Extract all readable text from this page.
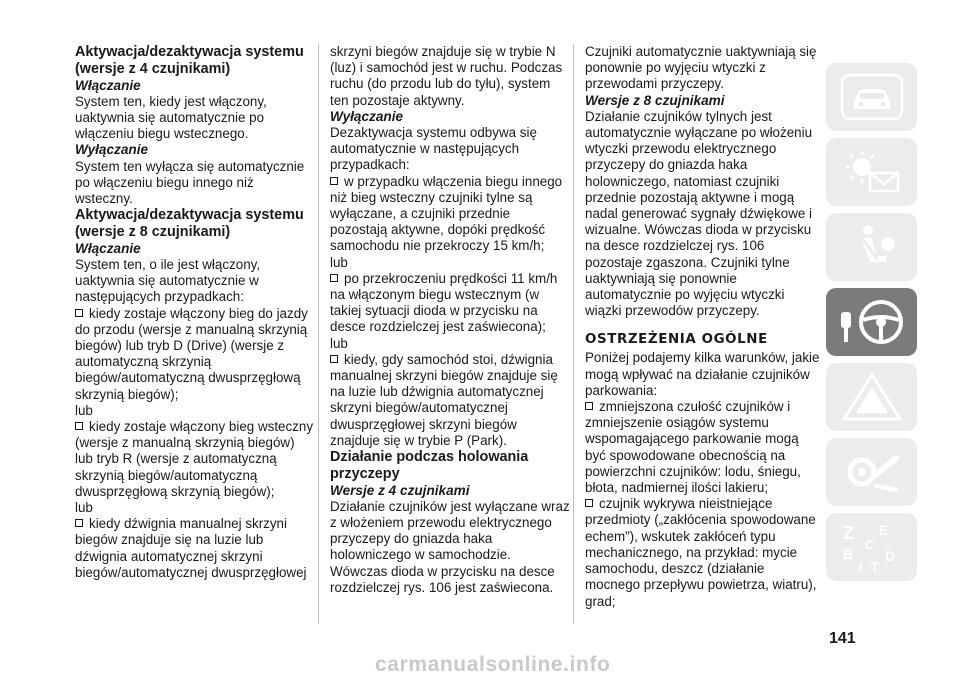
Aktywacja/dezaktywacja systemu (wersje z 4 czujnikami)
Włączanie

System ten, kiedy jest włączony, uaktywnia się automatycznie po włączeniu biegu wstecznego.

Wyłączanie

System ten wyłącza się automatycznie po włączeniu biegu innego niż wsteczny.

Aktywacja/dezaktywacja systemu (wersje z 8 czujnikami)
Włączanie

System ten, o ile jest włączony, uaktywnia się automatycznie w następujących przypadkach:

kiedy zostaje włączony bieg do jazdy do przodu (wersje z manualną skrzynią biegów) lub tryb D (Drive) (wersje z automatyczną skrzynią biegów/automatyczną dwusprzęgłową skrzynią biegów);

lub

kiedy zostaje włączony bieg wsteczny (wersje z manualną skrzynią biegów) lub tryb R (wersje z automatyczną skrzynią biegów/automatyczną dwusprzęgłową skrzynią biegów);

lub

kiedy dźwignia manualnej skrzyni biegów znajduje się na luzie lub dźwignia automatycznej skrzyni biegów/automatycznej dwusprzęgłowej

skrzyni biegów znajduje się w trybie N (luz) i samochód jest w ruchu. Podczas ruchu (do przodu lub do tyłu), system ten pozostaje aktywny.

Wyłączanie

Dezaktywacja systemu odbywa się automatycznie w następujących przypadkach:

w przypadku włączenia biegu innego niż bieg wsteczny czujniki tylne są wyłączane, a czujniki przednie pozostają aktywne, dopóki prędkość samochodu nie przekroczy 15 km/h;

lub

po przekroczeniu prędkości 11 km/h na włączonym biegu wstecznym (w takiej sytuacji dioda w przycisku na desce rozdzielczej jest zaświecona);

lub

kiedy, gdy samochód stoi, dźwignia manualnej skrzyni biegów znajduje się na luzie lub dźwignia automatycznej skrzyni biegów/automatycznej dwusprzęgłowej skrzyni biegów znajduje się w trybie P (Park).

Działanie podczas holowania przyczepy
Wersje z 4 czujnikami

Działanie czujników jest wyłączane wraz z włożeniem przewodu elektrycznego przyczepy do gniazda haka holowniczego w samochodzie. Wówczas dioda w przycisku na desce rozdzielczej rys. 106 jest zaświecona.

Czujniki automatycznie uaktywniają się ponownie po wyjęciu wtyczki z przewodami przyczepy.

Wersje z 8 czujnikami

Działanie czujników tylnych jest automatycznie wyłączane po włożeniu wtyczki przewodu elektrycznego przyczepy do gniazda haka holowniczego, natomiast czujniki przednie pozostają aktywne i mogą nadal generować sygnały dźwiękowe i wizualne. Wówczas dioda w przycisku na desce rozdzielczej rys. 106 pozostaje zgaszona. Czujniki tylne uaktywniają się ponownie automatycznie po wyjęciu wtyczki wiązki przewodów przyczepy.

OSTRZEŻENIA OGÓLNE

Poniżej podajemy kilka warunków, jakie mogą wpływać na działanie czujników parkowania:

zmniejszona czułość czujników i zmniejszenie osiągów systemu wspomagającego parkowanie mogą być spowodowane obecnością na powierzchni czujników: lodu, śniegu, błota, nadmiernej ilości lakieru;

czujnik wykrywa nieistniejące przedmioty („zakłócenia spowodowane echem”), wskutek zakłóceń typu mechanicznego, na przykład: mycie samochodu, deszcz (działanie mocnego przepływu powietrza, wiatru), grad;

Z E
B
C
D
I T
141
carmanualsonline.info
